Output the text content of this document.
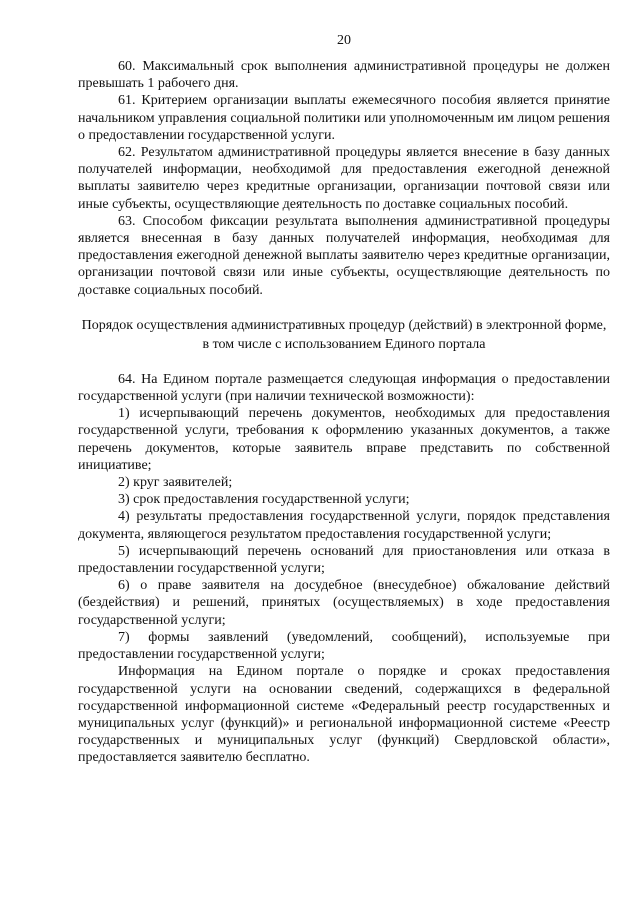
20

60. Максимальный срок выполнения административной процедуры не должен превышать 1 рабочего дня.

61. Критерием организации выплаты ежемесячного пособия является принятие начальником управления социальной политики или уполномоченным им лицом решения о предоставлении государственной услуги.

62. Результатом административной процедуры является внесение в базу данных получателей информации, необходимой для предоставления ежегодной денежной выплаты заявителю через кредитные организации, организации почтовой связи или иные субъекты, осуществляющие деятельность по доставке социальных пособий.

63. Способом фиксации результата выполнения административной процедуры является внесенная в базу данных получателей информация, необходимая для предоставления ежегодной денежной выплаты заявителю через кредитные организации, организации почтовой связи или иные субъекты, осуществляющие деятельность по доставке социальных пособий.

Порядок осуществления административных процедур (действий) в электронной форме, в том числе с использованием Единого портала

64. На Едином портале размещается следующая информация о предоставлении государственной услуги (при наличии технической возможности):

1) исчерпывающий перечень документов, необходимых для предоставления государственной услуги, требования к оформлению указанных документов, а также перечень документов, которые заявитель вправе представить по собственной инициативе;

2) круг заявителей;

3) срок предоставления государственной услуги;

4) результаты предоставления государственной услуги, порядок представления документа, являющегося результатом предоставления государственной услуги;

5) исчерпывающий перечень оснований для приостановления или отказа в предоставлении государственной услуги;

6) о праве заявителя на досудебное (внесудебное) обжалование действий (бездействия) и решений, принятых (осуществляемых) в ходе предоставления государственной услуги;

7) формы заявлений (уведомлений, сообщений), используемые при предоставлении государственной услуги;

Информация на Едином портале о порядке и сроках предоставления государственной услуги на основании сведений, содержащихся в федеральной государственной информационной системе «Федеральный реестр государственных и муниципальных услуг (функций)» и региональной информационной системе «Реестр государственных и муниципальных услуг (функций) Свердловской области», предоставляется заявителю бесплатно.
